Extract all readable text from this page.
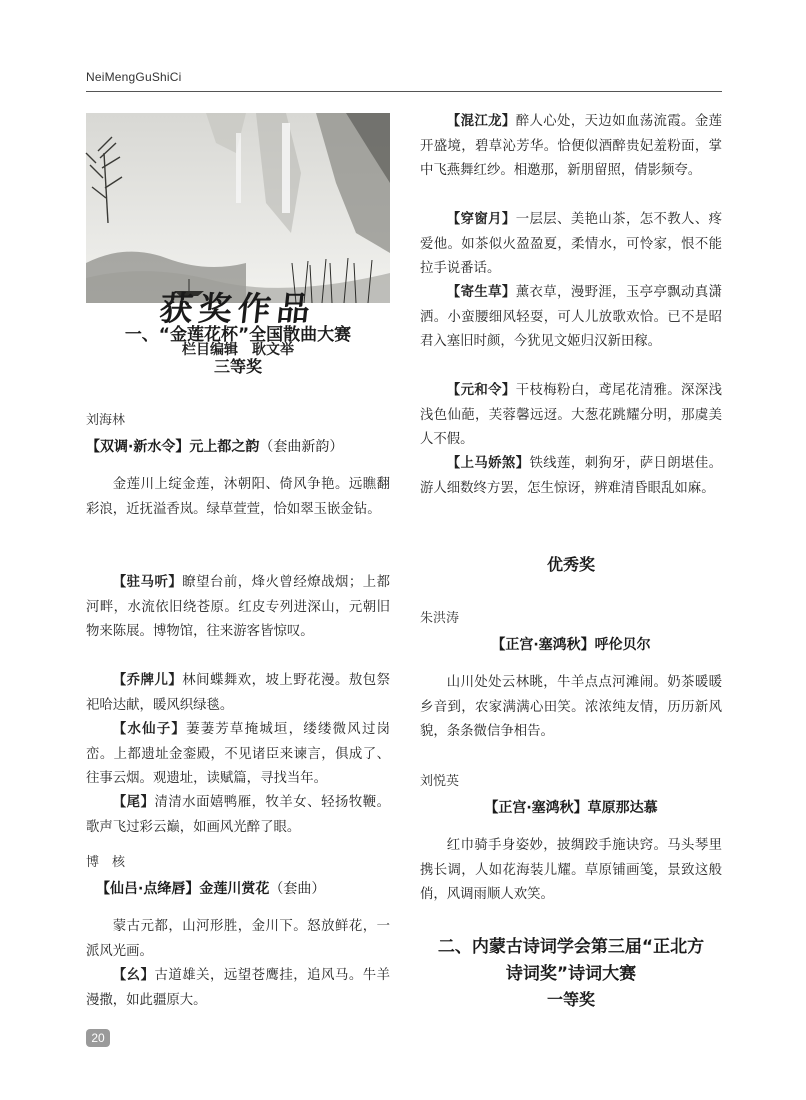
NeiMengGuShiCi
获奖作品
栏目编辑　耿文举
一、“金莲花杯”全国散曲大赛
三等奖
刘海林
【双调·新水令】元上都之韵（套曲新韵）

金莲川上绽金莲，沐朝阳、倚风争艳。远瞧翻彩浪，近抚溢香岚。绿草萱萱，恰如翠玉嵌金钻。

【驻马听】瞭望台前，烽火曾经燎战烟；上都河畔，水流依旧绕苍原。红皮专列进深山，元朝旧物来陈展。博物馆，往来游客皆惊叹。

【乔牌儿】林间蝶舞欢，坡上野花漫。敖包祭祀哈达献，暖风织绿毯。

【水仙子】萋萋芳草掩城垣，缕缕微风过岗峦。上都遗址金銮殿，不见诸臣来谏言，俱成了、往事云烟。观遗址，读赋篇，寻找当年。

【尾】清清水面嬉鸭雁，牧羊女、轻扬牧鞭。歌声飞过彩云巅，如画风光醉了眼。

博　核
【仙吕·点绛唇】金莲川赏花（套曲）

蒙古元都，山河形胜，金川下。怒放鲜花，一派风光画。

【幺】古道雄关，远望苍鹰挂，追风马。牛羊漫撒，如此疆原大。

【混江龙】醉人心处，天边如血荡流霞。金莲开盛境，碧草沁芳华。恰便似酒醉贵妃羞粉面，掌中飞燕舞红纱。相邀那，新朋留照，倩影频夸。

【穿窗月】一层层、美艳山茶，怎不教人、疼爱他。如茶似火盈盈夏，柔情水，可怜家，恨不能拉手说番话。

【寄生草】薰衣草，漫野涯，玉亭亭飘动真潇洒。小蛮腰细风轻耍，可人儿放歌欢恰。已不是昭君入塞旧时颜，今犹见文姬归汉新田稼。

【元和令】干枝梅粉白，鸢尾花清雅。深深浅浅色仙葩，芙蓉馨远迓。大葱花跳耀分明，那虞美人不假。

【上马娇煞】铁线莲，刺狗牙，萨日朗堪佳。游人细数终方罢，怎生惊讶，辨难清昏眼乱如麻。

优秀奖
朱洪涛
【正宫·塞鸿秋】呼伦贝尔

山川处处云林眺，牛羊点点河滩闹。奶茶暖暖乡音到，农家满满心田笑。浓浓纯友情，历历新风貌，条条微信争相告。

刘悦英
【正宫·塞鸿秋】草原那达慕

红巾骑手身姿妙，披绸跤手施诀窍。马头琴里携长调，人如花海装儿耀。草原铺画笺，景致这般俏，风调雨顺人欢笑。

二、内蒙古诗词学会第三届“正北方
诗词奖”诗词大赛
一等奖
20
